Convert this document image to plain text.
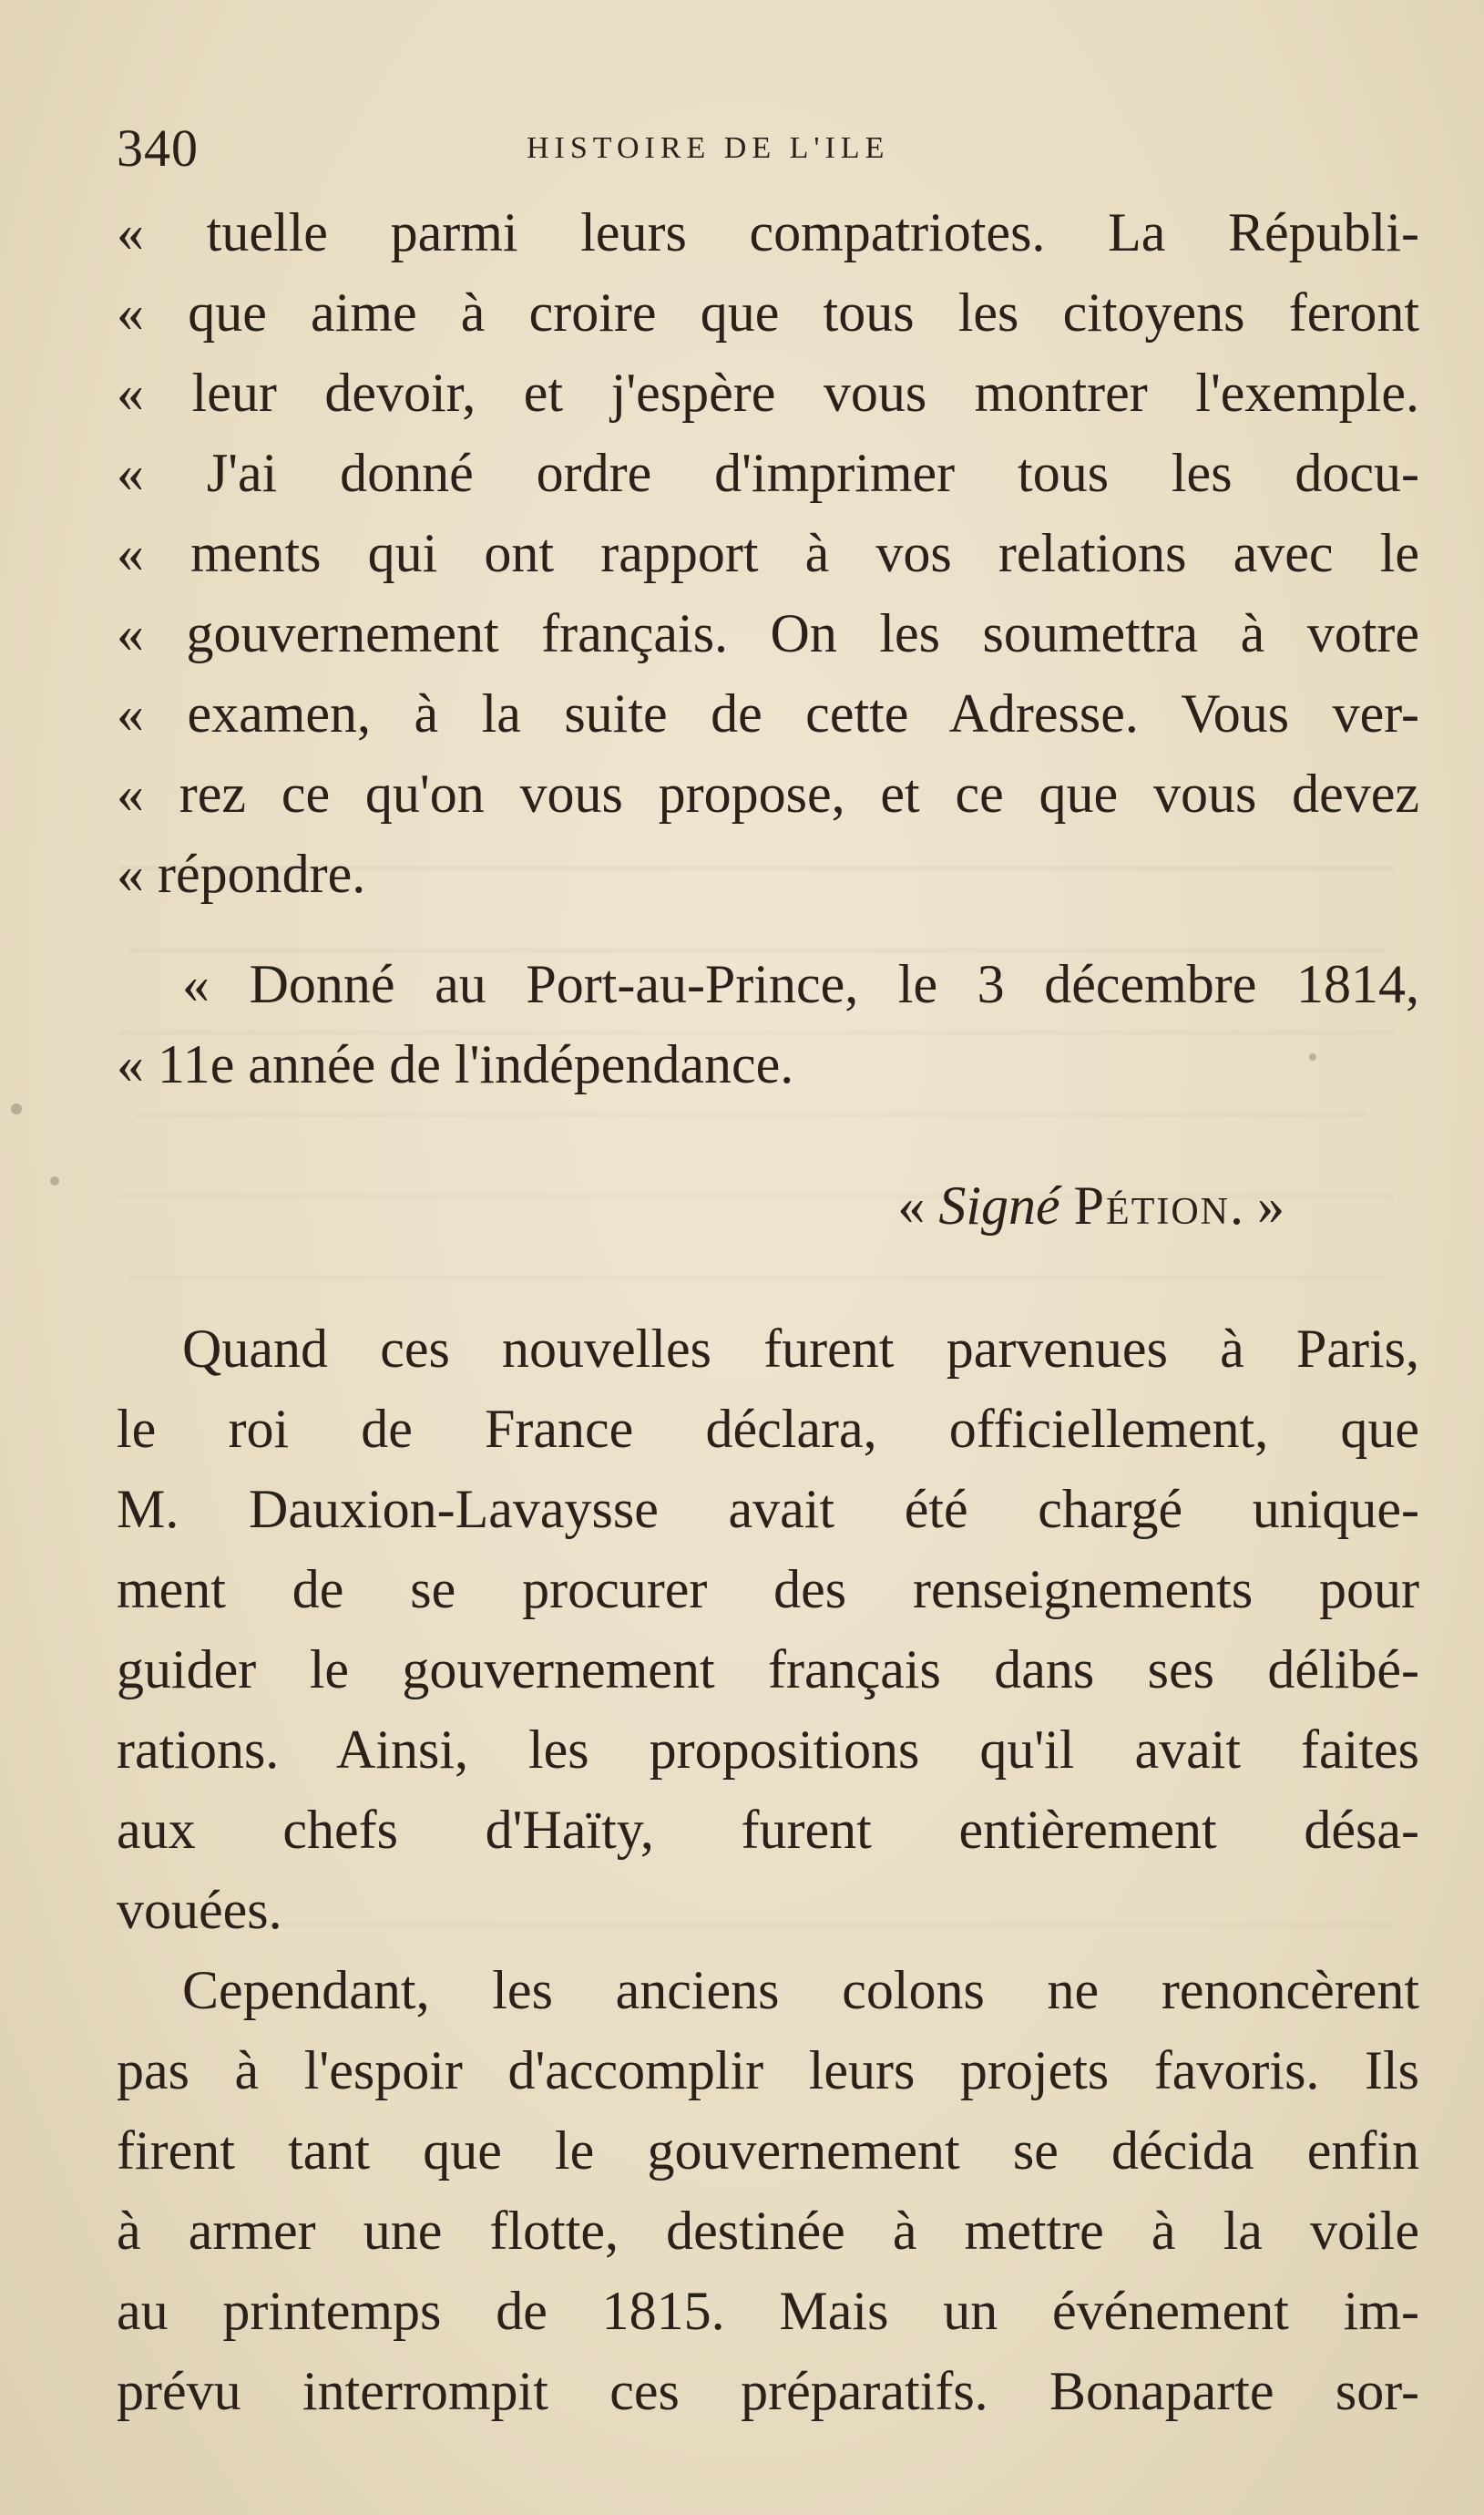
340	HISTOIRE DE L'ILE
« tuelle parmi leurs compatriotes. La Républi-
« que aime à croire que tous les citoyens feront
« leur devoir, et j'espère vous montrer l'exemple.
« J'ai donné ordre d'imprimer tous les docu-
« ments qui ont rapport à vos relations avec le
« gouvernement français. On les soumettra à votre
« examen, à la suite de cette Adresse. Vous ver-
« rez ce qu'on vous propose, et ce que vous devez
« répondre.
« Donné au Port-au-Prince, le 3 décembre 1814,
« 11e année de l'indépendance.
« Signé Pétion. »
Quand ces nouvelles furent parvenues à Paris,
le roi de France déclara, officiellement, que
M. Dauxion-Lavaysse avait été chargé unique-
ment de se procurer des renseignements pour
guider le gouvernement français dans ses délibé-
rations. Ainsi, les propositions qu'il avait faites
aux chefs d'Haïty, furent entièrement désa-
vouées.
Cependant, les anciens colons ne renoncèrent
pas à l'espoir d'accomplir leurs projets favoris. Ils
firent tant que le gouvernement se décida enfin
à armer une flotte, destinée à mettre à la voile
au printemps de 1815. Mais un événement im-
prévu interrompit ces préparatifs. Bonaparte sor-
